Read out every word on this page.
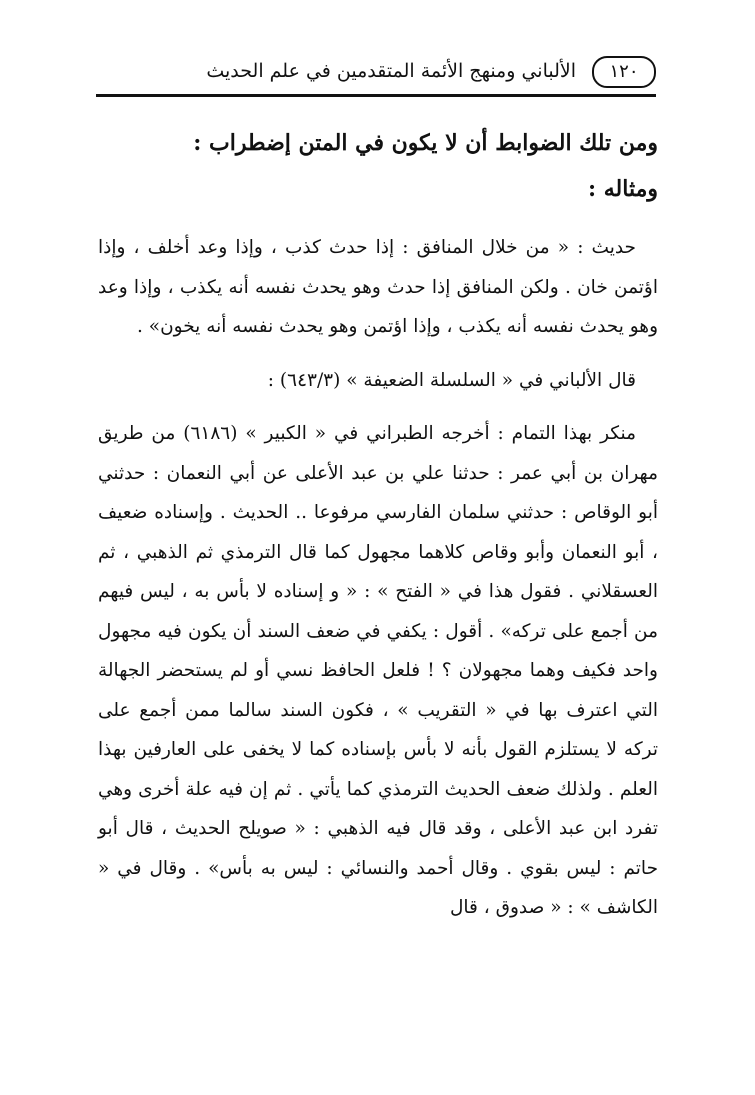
١٢٠
الألباني ومنهج الأئمة المتقدمين في علم الحديث

ومن تلك الضوابط أن لا يكون في المتن إضطراب :

ومثاله :

حديث : « من خلال المنافق : إذا حدث كذب ، وإذا وعد أخلف ، وإذا اؤتمن خان . ولكن المنافق إذا حدث وهو يحدث نفسه أنه يكذب ، وإذا وعد وهو يحدث نفسه أنه يكذب ، وإذا اؤتمن وهو يحدث نفسه أنه يخون» .

قال الألباني في « السلسلة الضعيفة » (٦٤٣/٣) :

منكر بهذا التمام : أخرجه الطبراني في « الكبير » (٦١٨٦) من طريق مهران بن أبي عمر : حدثنا علي بن عبد الأعلى عن أبي النعمان : حدثني أبو الوقاص : حدثني سلمان الفارسي مرفوعا .. الحديث . وإسناده ضعيف ، أبو النعمان وأبو وقاص كلاهما مجهول كما قال الترمذي ثم الذهبي ، ثم العسقلاني . فقول هذا في « الفتح » : « و إسناده لا بأس به ، ليس فيهم من أجمع على تركه» . أقول : يكفي في ضعف السند أن يكون فيه مجهول واحد فكيف وهما مجهولان ؟ ! فلعل الحافظ نسي أو لم يستحضر الجهالة التي اعترف بها في « التقريب » ، فكون السند سالما ممن أجمع على تركه لا يستلزم القول بأنه لا بأس بإسناده كما لا يخفى على العارفين بهذا العلم . ولذلك ضعف الحديث الترمذي كما يأتي . ثم إن فيه علة أخرى وهي تفرد ابن عبد الأعلى ، وقد قال فيه الذهبي : « صويلح الحديث ، قال أبو حاتم : ليس بقوي . وقال أحمد والنسائي : ليس به بأس» . وقال في « الكاشف » : « صدوق ، قال
